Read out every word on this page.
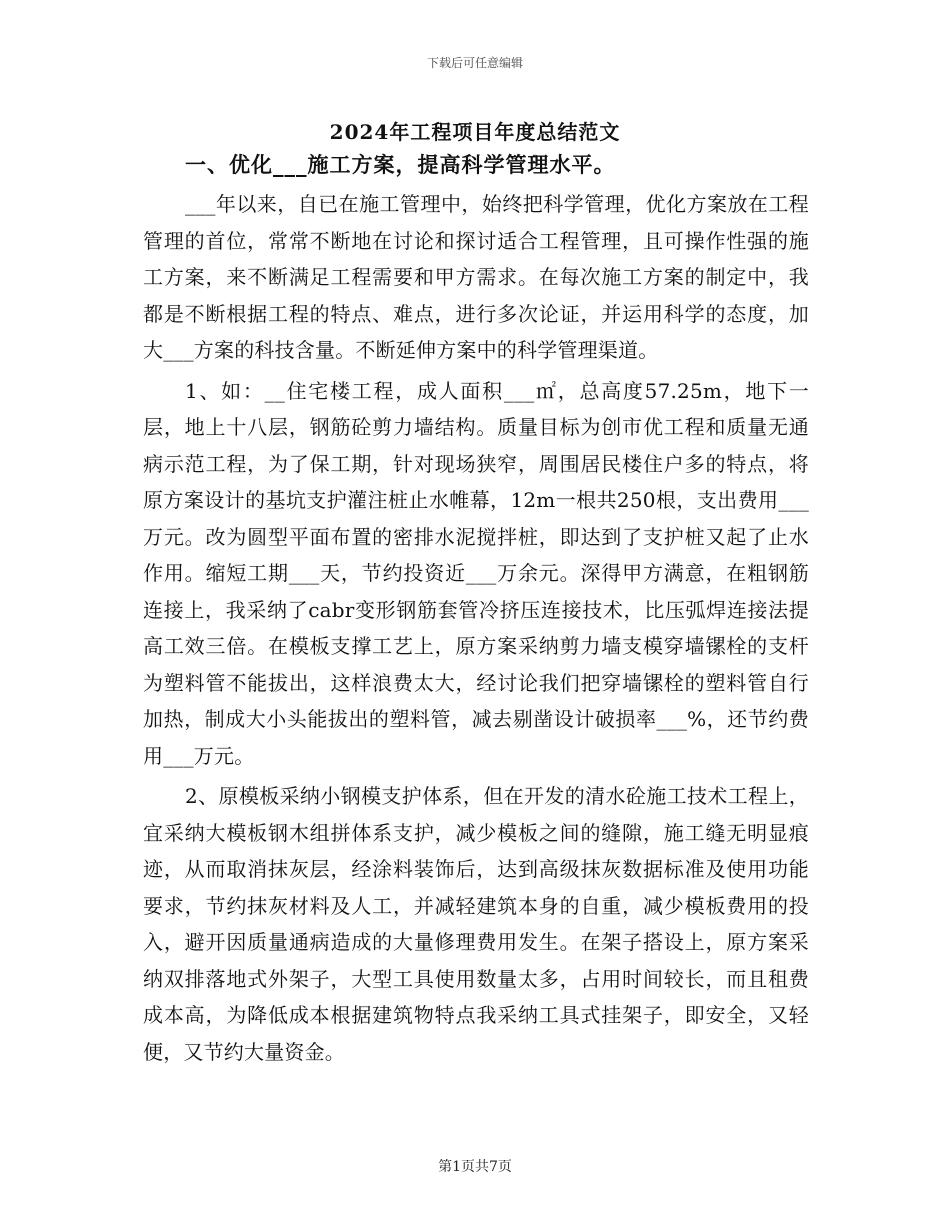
下载后可任意编辑
2024年工程项目年度总结范文
一、优化___施工方案，提高科学管理水平。

___年以来，自已在施工管理中，始终把科学管理，优化方案放在工程管理的首位，常常不断地在讨论和探讨适合工程管理，且可操作性强的施工方案，来不断满足工程需要和甲方需求。在每次施工方案的制定中，我都是不断根据工程的特点、难点，进行多次论证，并运用科学的态度，加大___方案的科技含量。不断延伸方案中的科学管理渠道。

1、如：__住宅楼工程，成人面积___㎡，总高度57.25m，地下一层，地上十八层，钢筋砼剪力墙结构。质量目标为创市优工程和质量无通病示范工程，为了保工期，针对现场狭窄，周围居民楼住户多的特点，将原方案设计的基坑支护灌注桩止水帷幕，12m一根共250根，支出费用___万元。改为圆型平面布置的密排水泥搅拌桩，即达到了支护桩又起了止水作用。缩短工期___天，节约投资近___万余元。深得甲方满意，在粗钢筋连接上，我采纳了cabr变形钢筋套管冷挤压连接技术，比压弧焊连接法提高工效三倍。在模板支撑工艺上，原方案采纳剪力墙支模穿墙镙栓的支杆为塑料管不能拔出，这样浪费太大，经讨论我们把穿墙镙栓的塑料管自行加热，制成大小头能拔出的塑料管，减去剔凿设计破损率___%，还节约费用___万元。

2、原模板采纳小钢模支护体系，但在开发的清水砼施工技术工程上，宜采纳大模板钢木组拼体系支护，减少模板之间的缝隙，施工缝无明显痕迹，从而取消抹灰层，经涂料装饰后，达到高级抹灰数据标准及使用功能要求，节约抹灰材料及人工，并减轻建筑本身的自重，减少模板费用的投入，避开因质量通病造成的大量修理费用发生。在架子搭设上，原方案采纳双排落地式外架子，大型工具使用数量太多，占用时间较长，而且租费成本高，为降低成本根据建筑物特点我采纳工具式挂架子，即安全，又轻便，又节约大量资金。

第1页共7页
